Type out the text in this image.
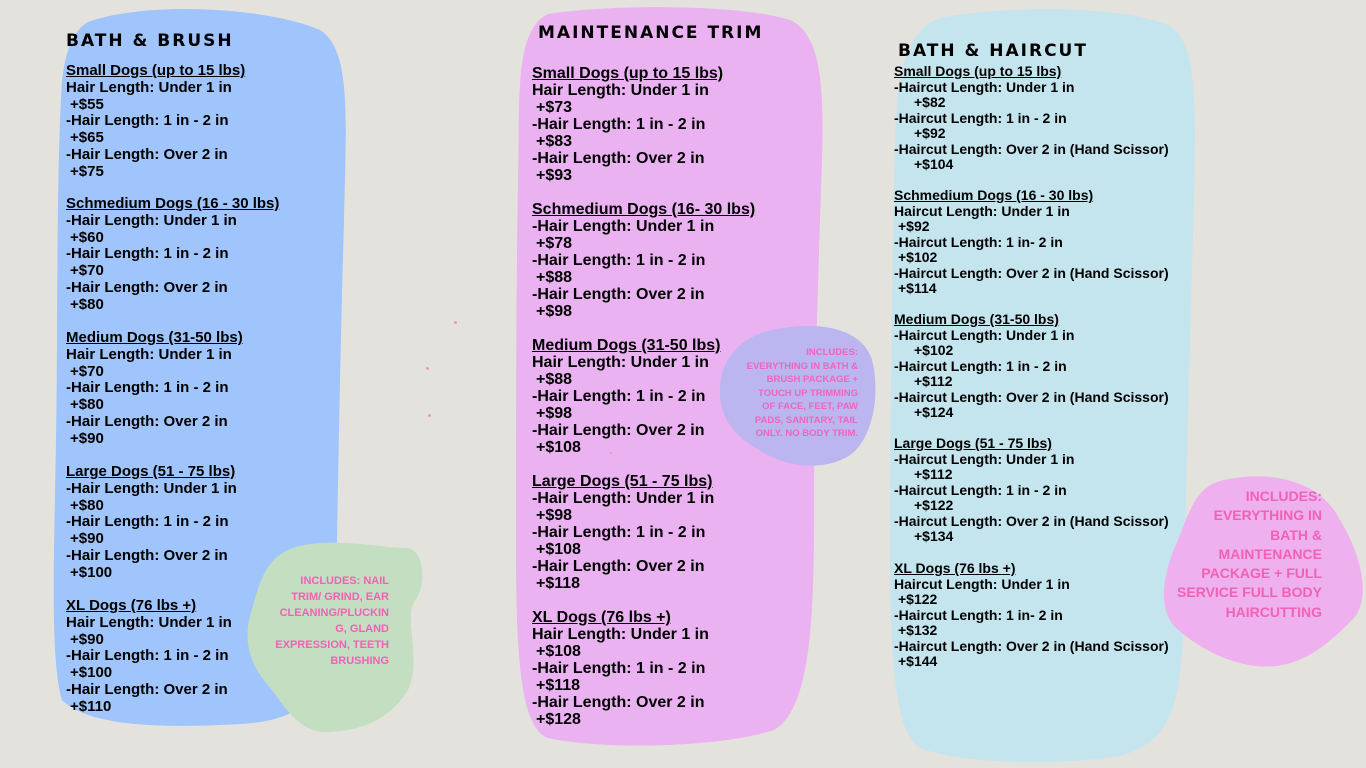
BATH & BRUSH
Small Dogs (up to 15 lbs)
Hair Length: Under 1 in
+$55
-Hair Length: 1 in - 2 in
+$65
-Hair Length: Over 2 in
+$75
Schmedium Dogs (16 - 30 lbs)
-Hair Length: Under 1 in
+$60
-Hair Length: 1 in - 2 in
+$70
-Hair Length: Over 2 in
+$80
Medium Dogs (31-50 lbs)
Hair Length: Under 1 in
+$70
-Hair Length: 1 in - 2 in
+$80
-Hair Length: Over 2 in
+$90
Large Dogs (51 - 75 lbs)
-Hair Length: Under 1 in
+$80
-Hair Length: 1 in - 2 in
+$90
-Hair Length: Over 2 in
+$100
XL Dogs (76 lbs +)
Hair Length: Under 1 in
+$90
-Hair Length: 1 in - 2 in
+$100
-Hair Length: Over 2 in
+$110
MAINTENANCE TRIM
Small Dogs (up to 15 lbs)
Hair Length: Under 1 in
+$73
-Hair Length: 1 in - 2 in
+$83
-Hair Length: Over 2 in
+$93
Schmedium Dogs (16- 30 lbs)
-Hair Length: Under 1 in
+$78
-Hair Length: 1 in - 2 in
+$88
-Hair Length: Over 2 in
+$98
Medium Dogs (31-50 lbs)
Hair Length: Under 1 in
+$88
-Hair Length: 1 in - 2 in
+$98
-Hair Length: Over 2 in
+$108
Large Dogs (51 - 75 lbs)
-Hair Length: Under 1 in
+$98
-Hair Length: 1 in - 2 in
+$108
-Hair Length: Over 2 in
+$118
XL Dogs (76 lbs +)
Hair Length: Under 1 in
+$108
-Hair Length: 1 in - 2 in
+$118
-Hair Length: Over 2 in
+$128
BATH & HAIRCUT
Small Dogs (up to 15 lbs)
-Haircut Length: Under 1 in
+$82
-Haircut Length: 1 in - 2 in
+$92
-Haircut Length: Over 2 in (Hand Scissor)
+$104
Schmedium Dogs (16 - 30 lbs)
Haircut Length: Under 1 in
+$92
-Haircut Length: 1 in- 2 in
+$102
-Haircut Length: Over 2 in (Hand Scissor)
+$114
Medium Dogs (31-50 lbs)
-Haircut Length: Under 1 in
+$102
-Haircut Length: 1 in - 2 in
+$112
-Haircut Length: Over 2 in (Hand Scissor)
+$124
Large Dogs (51 - 75 lbs)
-Haircut Length: Under 1 in
+$112
-Haircut Length: 1 in - 2 in
+$122
-Haircut Length: Over 2 in (Hand Scissor)
+$134
XL Dogs (76 lbs +)
Haircut Length: Under 1 in
+$122
-Haircut Length: 1 in- 2 in
+$132
-Haircut Length: Over 2 in (Hand Scissor)
+$144
INCLUDES: NAIL TRIM/ GRIND, EAR CLEANING/PLUCKIN G, GLAND EXPRESSION, TEETH BRUSHING
INCLUDES: EVERYTHING IN BATH & BRUSH PACKAGE + TOUCH UP TRIMMING OF FACE, FEET, PAW PADS, SANITARY, TAIL ONLY. NO BODY TRIM.
INCLUDES: EVERYTHING IN BATH & MAINTENANCE PACKAGE + FULL SERVICE FULL BODY HAIRCUTTING
